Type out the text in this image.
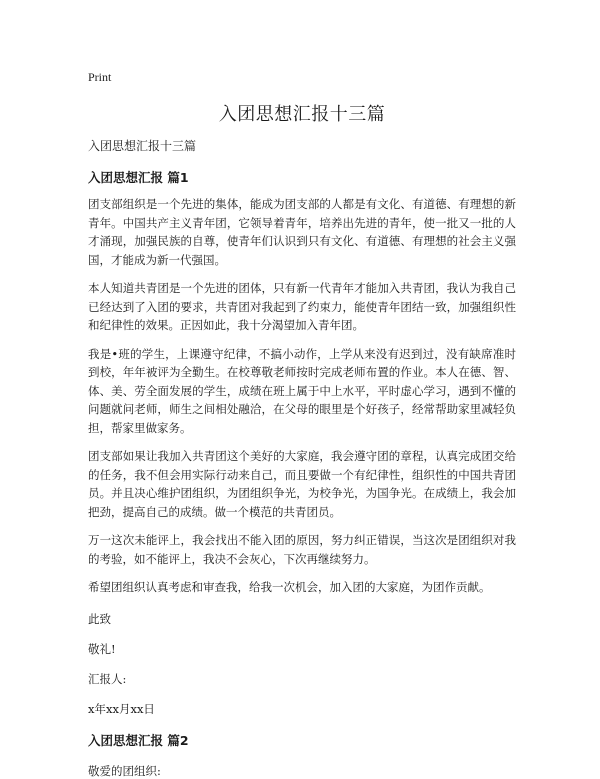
Print

入团思想汇报十三篇

入团思想汇报十三篇

入团思想汇报 篇1

团支部组织是一个先进的集体，能成为团支部的人都是有文化、有道德、有理想的新青年。中国共产主义青年团，它领导着青年，培养出先进的青年，使一批又一批的人才涌现，加强民族的自尊，使青年们认识到只有文化、有道德、有理想的社会主义强国，才能成为新一代强国。

本人知道共青团是一个先进的团体，只有新一代青年才能加入共青团，我认为我自己已经达到了入团的要求，共青团对我起到了约束力，能使青年团结一致，加强组织性和纪律性的效果。正因如此，我十分渴望加入青年团。

我是•班的学生，上课遵守纪律，不搞小动作，上学从来没有迟到过，没有缺席准时到校，年年被评为全勤生。在校尊敬老师按时完成老师布置的作业。本人在德、智、体、美、劳全面发展的学生，成绩在班上属于中上水平，平时虚心学习，遇到不懂的问题就问老师，师生之间相处融洽，在父母的眼里是个好孩子，经常帮助家里减轻负担，帮家里做家务。

团支部如果让我加入共青团这个美好的大家庭，我会遵守团的章程，认真完成团交给的任务，我不但会用实际行动来自己，而且要做一个有纪律性，组织性的中国共青团员。并且决心维护团组织，为团组织争光，为校争光，为国争光。在成绩上，我会加把劲，提高自己的成绩。做一个模范的共青团员。

万一这次未能评上，我会找出不能入团的原因，努力纠正错误，当这次是团组织对我的考验，如不能评上，我决不会灰心，下次再继续努力。

希望团组织认真考虑和审查我，给我一次机会，加入团的大家庭，为团作贡献。

此致

敬礼!

汇报人:

x年xx月xx日

入团思想汇报 篇2

敬爱的团组织:
